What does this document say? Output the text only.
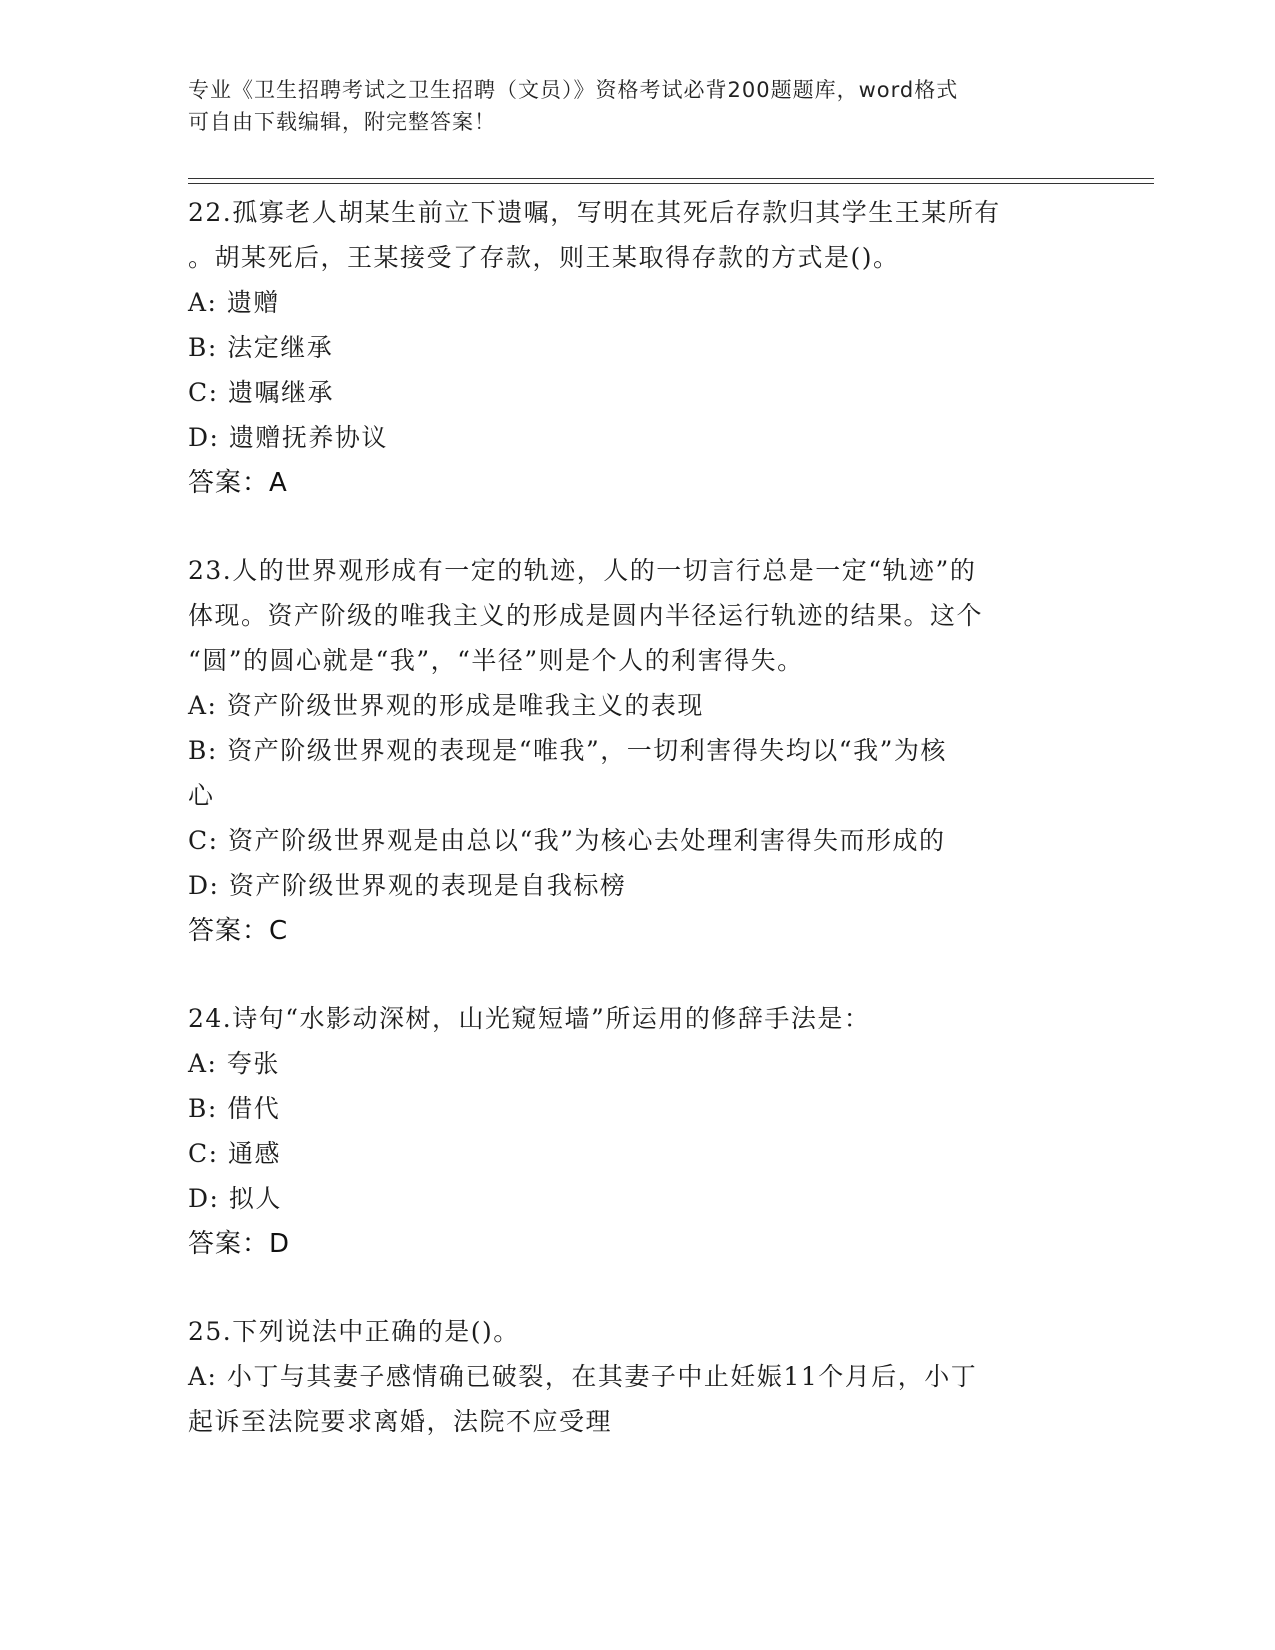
专业《卫生招聘考试之卫生招聘（文员）》资格考试必背200题题库，word格式
可自由下载编辑，附完整答案！
22.孤寡老人胡某生前立下遗嘱，写明在其死后存款归其学生王某所有
。胡某死后，王某接受了存款，则王某取得存款的方式是()。
A: 遗赠
B: 法定继承
C: 遗嘱继承
D: 遗赠抚养协议
答案：A
23.人的世界观形成有一定的轨迹，人的一切言行总是一定“轨迹”的
体现。资产阶级的唯我主义的形成是圆内半径运行轨迹的结果。这个
“圆”的圆心就是“我”，“半径”则是个人的利害得失。
A: 资产阶级世界观的形成是唯我主义的表现
B: 资产阶级世界观的表现是“唯我”，一切利害得失均以“我”为核
心
C: 资产阶级世界观是由总以“我”为核心去处理利害得失而形成的
D: 资产阶级世界观的表现是自我标榜
答案：C
24.诗句“水影动深树，山光窥短墙”所运用的修辞手法是：
A: 夸张
B: 借代
C: 通感
D: 拟人
答案：D
25.下列说法中正确的是()。
A: 小丁与其妻子感情确已破裂，在其妻子中止妊娠11个月后，小丁
起诉至法院要求离婚，法院不应受理
